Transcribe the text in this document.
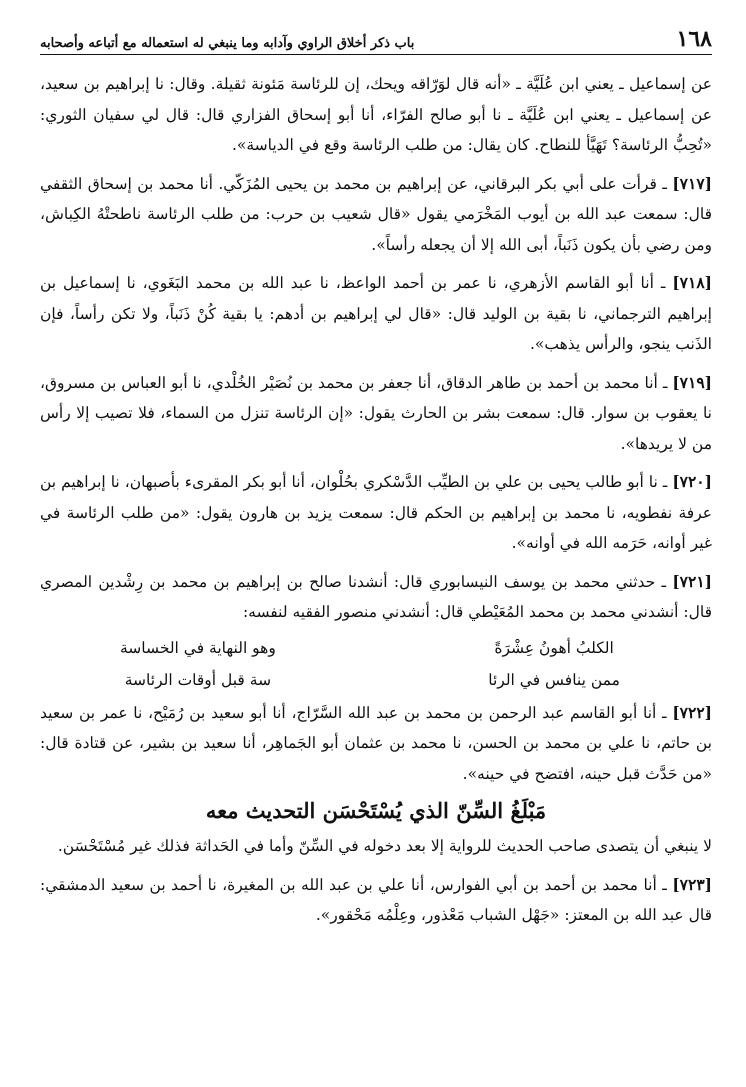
١٦٨
باب ذكر أخلاق الراوي وآدابه وما ينبغي له استعماله مع أتباعه وأصحابه

عن إسماعيل ـ يعني ابن عُلَيَّة ـ «أنه قال لوَرّاقه ويحك، إن للرئاسة مَئونة ثقيلة. وقال: نا إبراهيم بن سعيد، عن إسماعيل ـ يعني ابن عُلَيَّة ـ نا أبو صالح الفرّاء، أنا أبو إسحاق الفزاري قال: قال لي سفيان الثوري: «تُحِبُّ الرئاسة؟ تَهَيَّأ للنطاح. كان يقال: من طلب الرئاسة وقع في الدياسة».

[٧١٧] ـ قرأت على أبي بكر البرقاني، عن إبراهيم بن محمد بن يحيى المُزَكّي. أنا محمد بن إسحاق الثقفي قال: سمعت عبد الله بن أيوب المَخْرَمي يقول «قال شعيب بن حرب: من طلب الرئاسة ناطحتْهُ الكِباش، ومن رضي بأن يكون ذَنَباً، أبى الله إلا أن يجعله رأساً».

[٧١٨] ـ أنا أبو القاسم الأزهري، نا عمر بن أحمد الواعظ، نا عبد الله بن محمد البَغَوي، نا إسماعيل بن إبراهيم الترجماني، نا بقية بن الوليد قال: «قال لي إبراهيم بن أدهم: يا بقية كُنْ ذَنَباً، ولا تكن رأساً، فإن الذَنب ينجو، والرأس يذهب».

[٧١٩] ـ أنا محمد بن أحمد بن طاهر الدقاق، أنا جعفر بن محمد بن نُصَيْر الخُلْدي، نا أبو العباس بن مسروق، نا يعقوب بن سوار. قال: سمعت بشر بن الحارث يقول: «إن الرئاسة تنزل من السماء، فلا تصيب إلا رأس من لا يريدها».

[٧٢٠] ـ نا أبو طالب يحيى بن علي بن الطيِّب الدَّسْكري بحُلْوان، أنا أبو بكر المقرىء بأصبهان، نا إبراهيم بن عرفة نفطويه، نا محمد بن إبراهيم بن الحكم قال: سمعت يزيد بن هارون يقول: «من طلب الرئاسة في غير أوانه، حَرَمه الله في أوانه».

[٧٢١] ـ حدثني محمد بن يوسف النيسابوري قال: أنشدنا صالح بن إبراهيم بن محمد بن رِشْدين المصري قال: أنشدني محمد بن محمد المُعَيْطي قال: أنشدني منصور الفقيه لنفسه:

الكلبُ أهونُ عِشْرَةً
وهو النهاية في الخساسة
ممن ينافس في الرئا
سة قبل أوقات الرئاسة

[٧٢٢] ـ أنا أبو القاسم عبد الرحمن بن محمد بن عبد الله السَّرّاج، أنا أبو سعيد بن رُمَيْح، نا عمر بن سعيد بن حاتم، نا علي بن محمد بن الحسن، نا محمد بن عثمان أبو الجَماهِر، أنا سعيد بن بشير، عن قتادة قال: «من حَدَّث قبل حينه، افتضح في حينه».

مَبْلَغُ السِّنّ الذي يُسْتَحْسَن التحديث معه

لا ينبغي أن يتصدى صاحب الحديث للرواية إلا بعد دخوله في السِّنّ وأما في الحَداثة فذلك غير مُسْتَحْسَن.

[٧٢٣] ـ أنا محمد بن أحمد بن أبي الفوارس، أنا علي بن عبد الله بن المغيرة، نا أحمد بن سعيد الدمشقي: قال عبد الله بن المعتز: «جَهْل الشباب مَعْذور، وعِلْمُه مَحْقور».
